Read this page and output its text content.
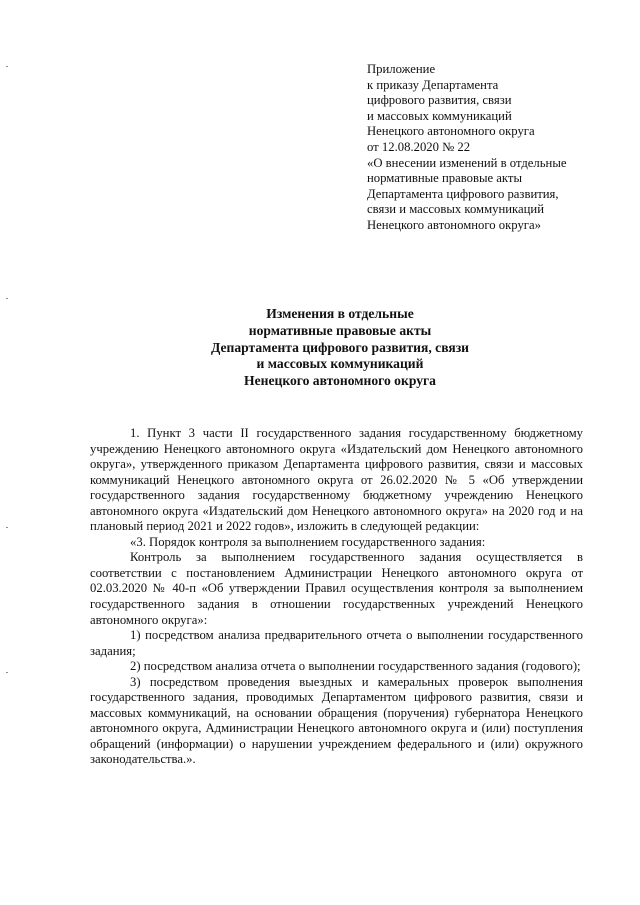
Приложение
к приказу Департамента
цифрового развития, связи
и массовых коммуникаций
Ненецкого автономного округа
от 12.08.2020 № 22
«О внесении изменений в отдельные
нормативные правовые акты
Департамента цифрового развития,
связи и массовых коммуникаций
Ненецкого автономного округа»
Изменения в отдельные
нормативные правовые акты
Департамента цифрового развития, связи
и массовых коммуникаций
Ненецкого автономного округа

1. Пункт 3 части II государственного задания государственному бюджетному учреждению Ненецкого автономного округа «Издательский дом Ненецкого автономного округа», утвержденного приказом Департамента цифрового развития, связи и массовых коммуникаций Ненецкого автономного округа от 26.02.2020 № 5 «Об утверждении государственного задания государственному бюджетному учреждению Ненецкого автономного округа «Издательский дом Ненецкого автономного округа» на 2020 год и на плановый период 2021 и 2022 годов», изложить в следующей редакции:

«3. Порядок контроля за выполнением государственного задания:

Контроль за выполнением государственного задания осуществляется в соответствии с постановлением Администрации Ненецкого автономного округа от 02.03.2020 № 40-п «Об утверждении Правил осуществления контроля за выполнением государственного задания в отношении государственных учреждений Ненецкого автономного округа»:

1) посредством анализа предварительного отчета о выполнении государственного задания;

2) посредством анализа отчета о выполнении государственного задания (годового);

3) посредством проведения выездных и камеральных проверок выполнения государственного задания, проводимых Департаментом цифрового развития, связи и массовых коммуникаций, на основании обращения (поручения) губернатора Ненецкого автономного округа, Администрации Ненецкого автономного округа и (или) поступления обращений (информации) о нарушении учреждением федерального и (или) окружного законодательства.».
